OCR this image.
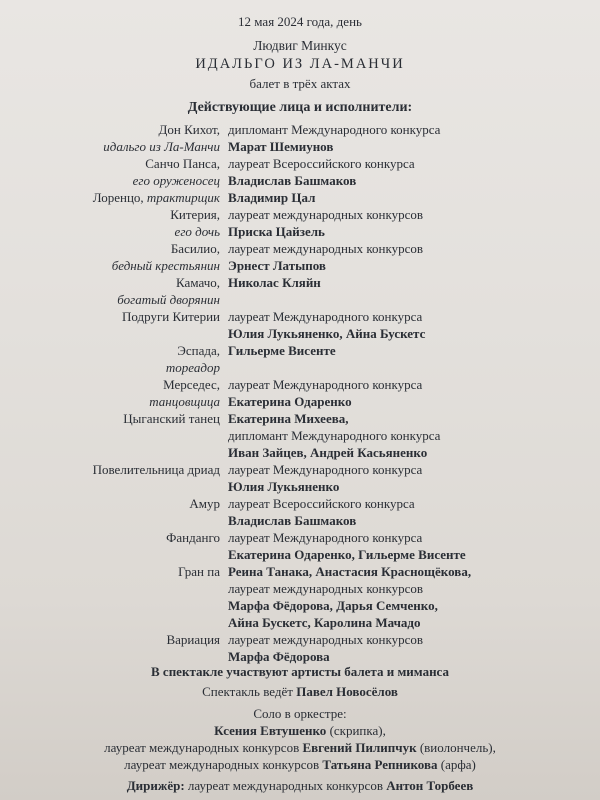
12 мая 2024 года, день
Людвиг Минкус
ИДАЛЬГО ИЗ ЛА-МАНЧИ
балет в трёх актах
Действующие лица и исполнители:
Дон Кихот, дипломант Международного конкурса
идальго из Ла-Манчи Марат Шемиунов
Санчо Панса, лауреат Всероссийского конкурса
его оруженосец Владислав Башмаков
Лоренцо, трактирщик Владимир Цал
Китерия, лауреат международных конкурсов
его дочь Приска Цайзель
Басилио, лауреат международных конкурсов
бедный крестьянин Эрнест Латыпов
Камачо, Николас Кляйн
богатый дворянин
Подруги Китерии лауреат Международного конкурса
Юлия Лукьяненко, Айна Бускетс
Эспада, Гильерме Висенте
тореадор
Мерседес, лауреат Международного конкурса
танцовщица Екатерина Одаренко
Цыганский танец Екатерина Михеева,
дипломант Международного конкурса
Иван Зайцев, Андрей Касьяненко
Повелительница дриад лауреат Международного конкурса
Юлия Лукьяненко
Амур лауреат Всероссийского конкурса
Владислав Башмаков
Фанданго лауреат Международного конкурса
Екатерина Одаренко, Гильерме Висенте
Гран па Реина Танака, Анастасия Краснощёкова,
лауреат международных конкурсов
Марфа Фёдорова, Дарья Семченко,
Айна Бускетс, Каролина Мачадо
Вариация лауреат международных конкурсов
Марфа Фёдорова
В спектакле участвуют артисты балета и миманса
Спектакль ведёт Павел Новосёлов
Соло в оркестре:
Ксения Евтушенко (скрипка),
лауреат международных конкурсов Евгений Пилипчук (виолончель),
лауреат международных конкурсов Татьяна Репникова (арфа)
Дирижёр: лауреат международных конкурсов Антон Торбеев
